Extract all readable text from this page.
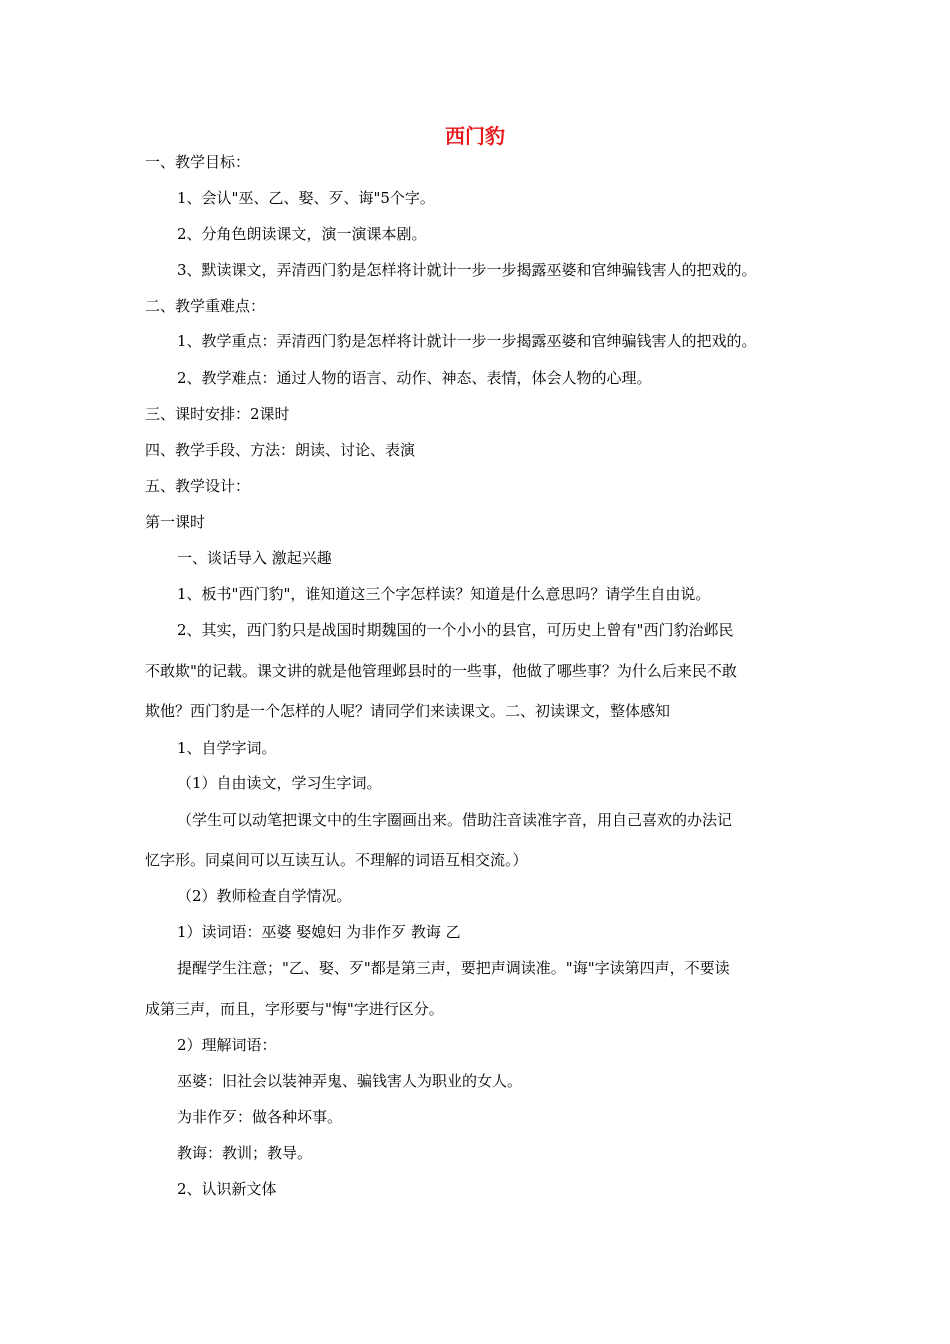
西门豹
一、教学目标：
1、会认"巫、乙、娶、歹、诲"5个字。
2、分角色朗读课文，演一演课本剧。
3、默读课文，弄清西门豹是怎样将计就计一步一步揭露巫婆和官绅骗钱害人的把戏的。
二、教学重难点：
1、教学重点：弄清西门豹是怎样将计就计一步一步揭露巫婆和官绅骗钱害人的把戏的。
2、教学难点：通过人物的语言、动作、神态、表情，体会人物的心理。
三、课时安排：2课时
四、教学手段、方法：朗读、讨论、表演
五、教学设计：
第一课时
一、谈话导入 激起兴趣
1、板书"西门豹"，谁知道这三个字怎样读？知道是什么意思吗？请学生自由说。
2、其实，西门豹只是战国时期魏国的一个小小的县官，可历史上曾有"西门豹治邺民
不敢欺"的记载。课文讲的就是他管理邺县时的一些事，他做了哪些事？为什么后来民不敢
欺他？西门豹是一个怎样的人呢？请同学们来读课文。二、初读课文，整体感知
1、自学字词。
（1）自由读文，学习生字词。
（学生可以动笔把课文中的生字圈画出来。借助注音读准字音，用自己喜欢的办法记
忆字形。同桌间可以互读互认。不理解的词语互相交流。）
（2）教师检查自学情况。
1）读词语：巫婆 娶媳妇 为非作歹 教诲 乙
提醒学生注意；"乙、娶、歹"都是第三声，要把声调读准。"诲"字读第四声，不要读
成第三声，而且，字形要与"悔"字进行区分。
2）理解词语：
巫婆：旧社会以装神弄鬼、骗钱害人为职业的女人。
为非作歹：做各种坏事。
教诲：教训；教导。
2、认识新文体
